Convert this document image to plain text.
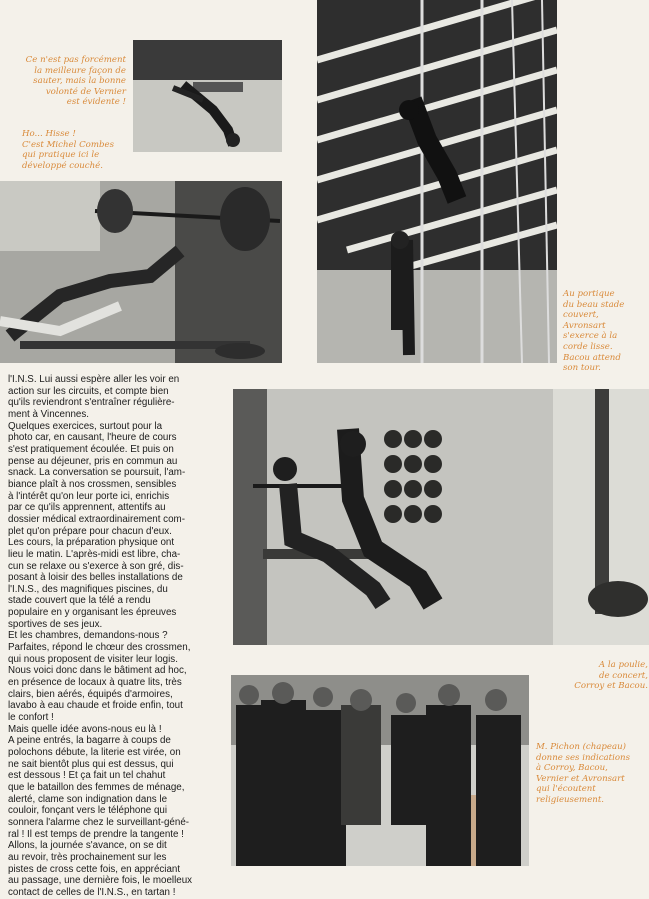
Ce n'est pas forcément
la meilleure façon de
sauter, mais la bonne
volonté de Vernier
est évidente !
Ho... Hisse !
C'est Michel Combes
qui pratique ici le
développé couché.
Au portique
du beau stade
couvert,
Avronsart
s'exerce à la
corde lisse.
Bacou attend
son tour.
A la poulie,
de concert,
Corroy et Bacou.
M. Pichon (chapeau)
donne ses indications
à Corroy, Bacou,
Vernier et Avronsart
qui l'écoutent
religieusement.
l'I.N.S. Lui aussi espère aller les voir en
action sur les circuits, et compte bien
qu'ils reviendront s'entraîner régulière-
ment à Vincennes.
Quelques exercices, surtout pour la
photo car, en causant, l'heure de cours
s'est pratiquement écoulée. Et puis on
pense au déjeuner, pris en commun au
snack. La conversation se poursuit, l'am-
biance plaît à nos crossmen, sensibles
à l'intérêt qu'on leur porte ici, enrichis
par ce qu'ils apprennent, attentifs au
dossier médical extraordinairement com-
plet qu'on prépare pour chacun d'eux.
Les cours, la préparation physique ont
lieu le matin. L'après-midi est libre, cha-
cun se relaxe ou s'exerce à son gré, dis-
posant à loisir des belles installations de
l'I.N.S., des magnifiques piscines, du
stade couvert que la télé a rendu
populaire en y organisant les épreuves
sportives de ses jeux.
Et les chambres, demandons-nous ?
Parfaites, répond le chœur des crossmen,
qui nous proposent de visiter leur logis.
Nous voici donc dans le bâtiment ad hoc,
en présence de locaux à quatre lits, très
clairs, bien aérés, équipés d'armoires,
lavabo à eau chaude et froide enfin, tout
le confort !
Mais quelle idée avons-nous eu là !
A peine entrés, la bagarre à coups de
polochons débute, la literie est virée, on
ne sait bientôt plus qui est dessus, qui
est dessous ! Et ça fait un tel chahut
que le bataillon des femmes de ménage,
alerté, clame son indignation dans le
couloir, fonçant vers le téléphone qui
sonnera l'alarme chez le surveillant-géné-
ral ! Il est temps de prendre la tangente !
Allons, la journée s'avance, on se dit
au revoir, très prochainement sur les
pistes de cross cette fois, en appréciant
au passage, une dernière fois, le moelleux
contact de celles de l'I.N.S., en tartan !
